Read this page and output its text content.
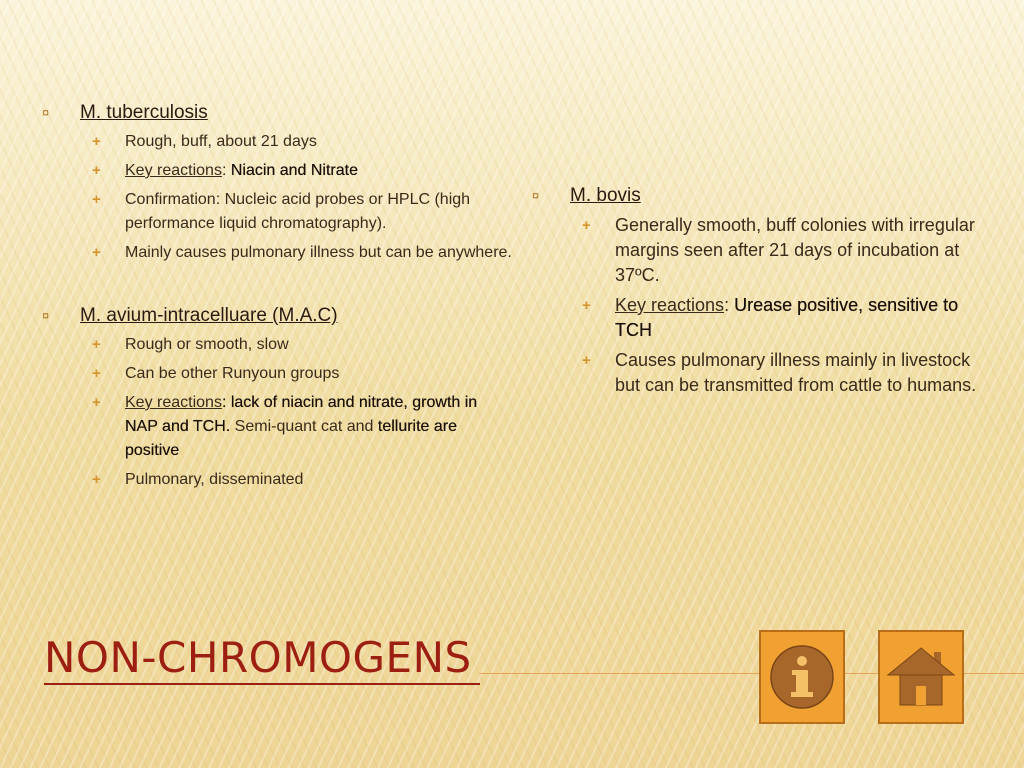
¤	M. tuberculosis
+	Rough, buff, about 21 days
+	Key reactions: Niacin and Nitrate
+	Confirmation: Nucleic acid probes or HPLC (high performance liquid chromatography).
+	Mainly causes pulmonary illness but can be anywhere.
¤	M. avium-intracelluare (M.A.C)
+	Rough or smooth, slow
+	Can be other Runyoun groups
+	Key reactions: lack of niacin and nitrate, growth in NAP and TCH. Semi-quant cat and tellurite are positive
+	Pulmonary, disseminated
¤	M. bovis
+	Generally smooth, buff colonies with irregular margins seen after 21 days of incubation at 37ºC.
+	Key reactions: Urease positive, sensitive to TCH
+	Causes pulmonary illness mainly in livestock but can be transmitted from cattle to humans.
NON-CHROMOGENS
